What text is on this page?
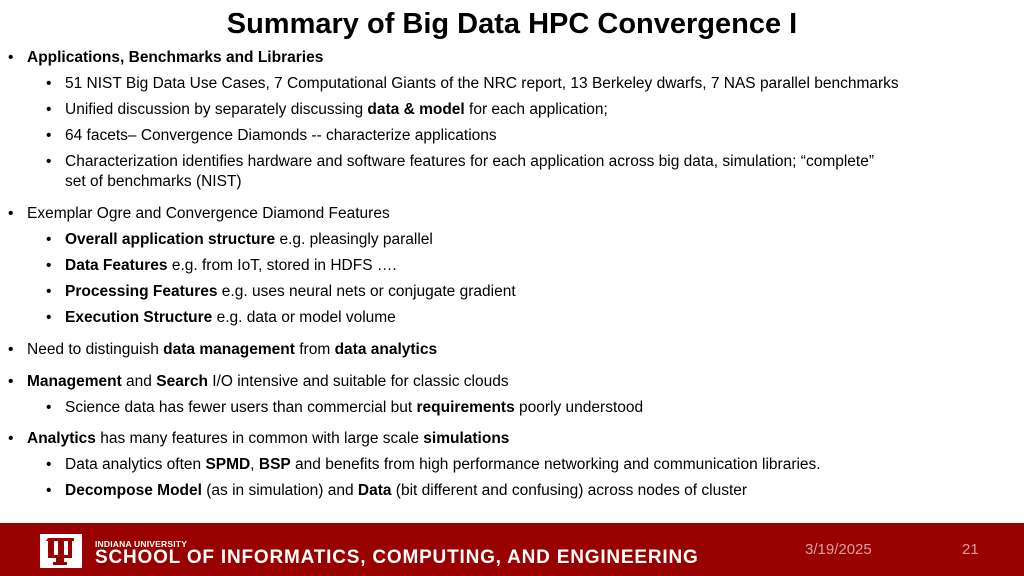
Summary of Big Data HPC Convergence I
•
Applications, Benchmarks and Libraries
•
51 NIST Big Data Use Cases, 7 Computational Giants of the NRC report, 13 Berkeley dwarfs, 7 NAS parallel benchmarks
•
Unified discussion by separately discussing data & model for each application;
•
64 facets– Convergence Diamonds -- characterize applications
•
Characterization identifies hardware and software features for each application across big data, simulation; “complete”
set of benchmarks (NIST)
•
Exemplar Ogre and Convergence Diamond Features
•
Overall application structure e.g. pleasingly parallel
•
Data Features e.g. from IoT, stored in HDFS ….
•
Processing Features e.g. uses neural nets or conjugate gradient
•
Execution Structure e.g. data or model volume
•
Need to distinguish data management from data analytics
•
Management and Search I/O intensive and suitable for classic clouds
•
Science data has fewer users than commercial but requirements poorly understood
•
Analytics has many features in common with large scale simulations
•
Data analytics often SPMD, BSP and benefits from high performance networking and communication libraries.
•
Decompose Model (as in simulation) and Data (bit different and confusing) across nodes of cluster
INDIANA UNIVERSITY
SCHOOL OF INFORMATICS, COMPUTING, AND ENGINEERING	3/19/2025	21
